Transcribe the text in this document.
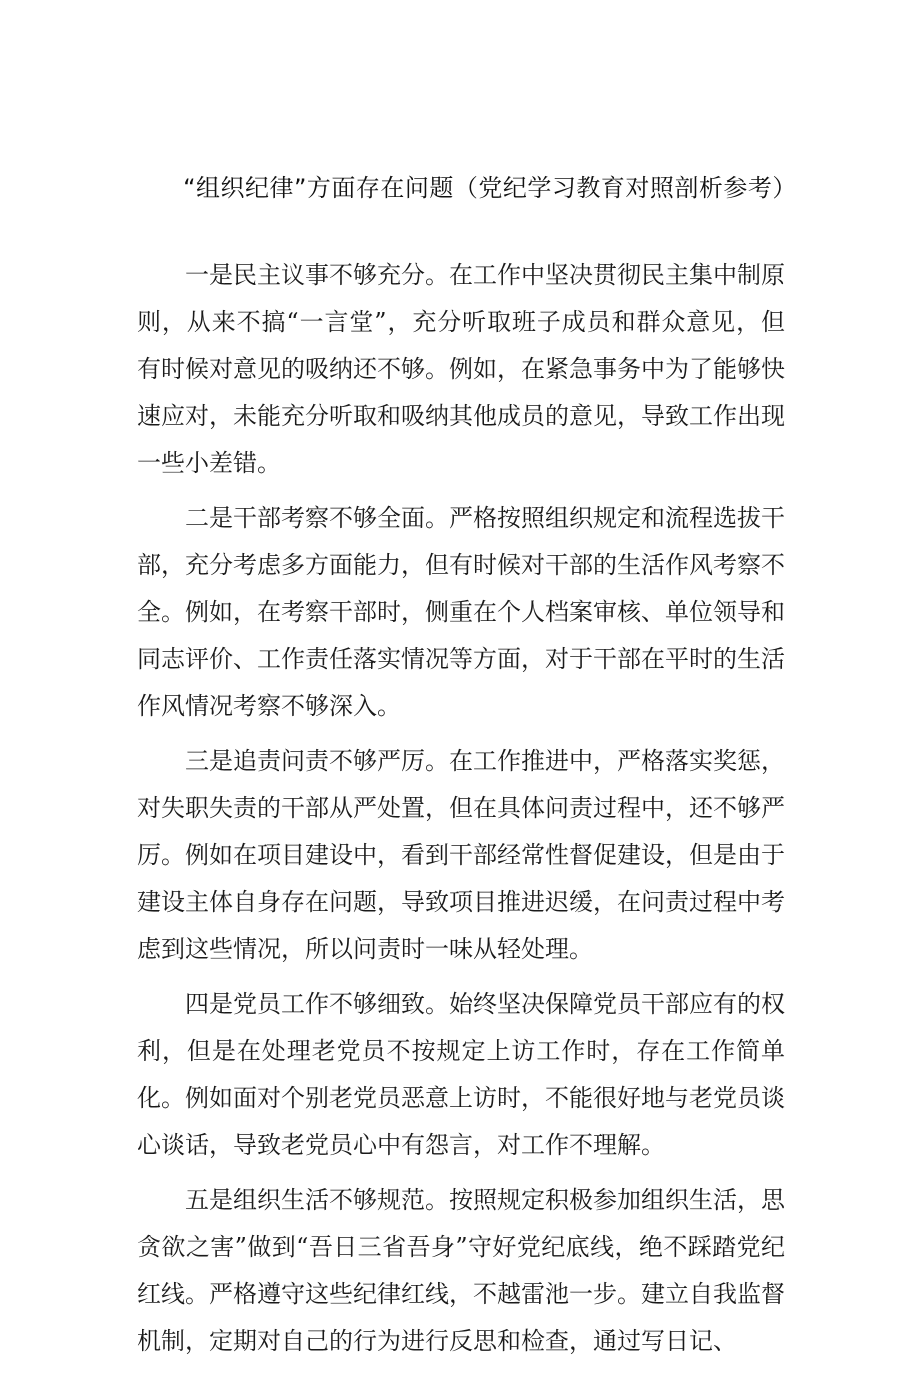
“组织纪律”方面存在问题（党纪学习教育对照剖析参考）

一是民主议事不够充分。在工作中坚决贯彻民主集中制原则，从来不搞“一言堂”，充分听取班子成员和群众意见，但有时候对意见的吸纳还不够。例如，在紧急事务中为了能够快速应对，未能充分听取和吸纳其他成员的意见，导致工作出现一些小差错。

二是干部考察不够全面。严格按照组织规定和流程选拔干部，充分考虑多方面能力，但有时候对干部的生活作风考察不全。例如，在考察干部时，侧重在个人档案审核、单位领导和同志评价、工作责任落实情况等方面，对于干部在平时的生活作风情况考察不够深入。

三是追责问责不够严厉。在工作推进中，严格落实奖惩，对失职失责的干部从严处置，但在具体问责过程中，还不够严厉。例如在项目建设中，看到干部经常性督促建设，但是由于建设主体自身存在问题，导致项目推进迟缓，在问责过程中考虑到这些情况，所以问责时一味从轻处理。

四是党员工作不够细致。始终坚决保障党员干部应有的权利，但是在处理老党员不按规定上访工作时，存在工作简单化。例如面对个别老党员恶意上访时，不能很好地与老党员谈心谈话，导致老党员心中有怨言，对工作不理解。

五是组织生活不够规范。按照规定积极参加组织生活，思贪欲之害”做到“吾日三省吾身”守好党纪底线，绝不踩踏党纪红线。严格遵守这些纪律红线，不越雷池一步。建立自我监督机制，定期对自己的行为进行反思和检查，通过写日记、
